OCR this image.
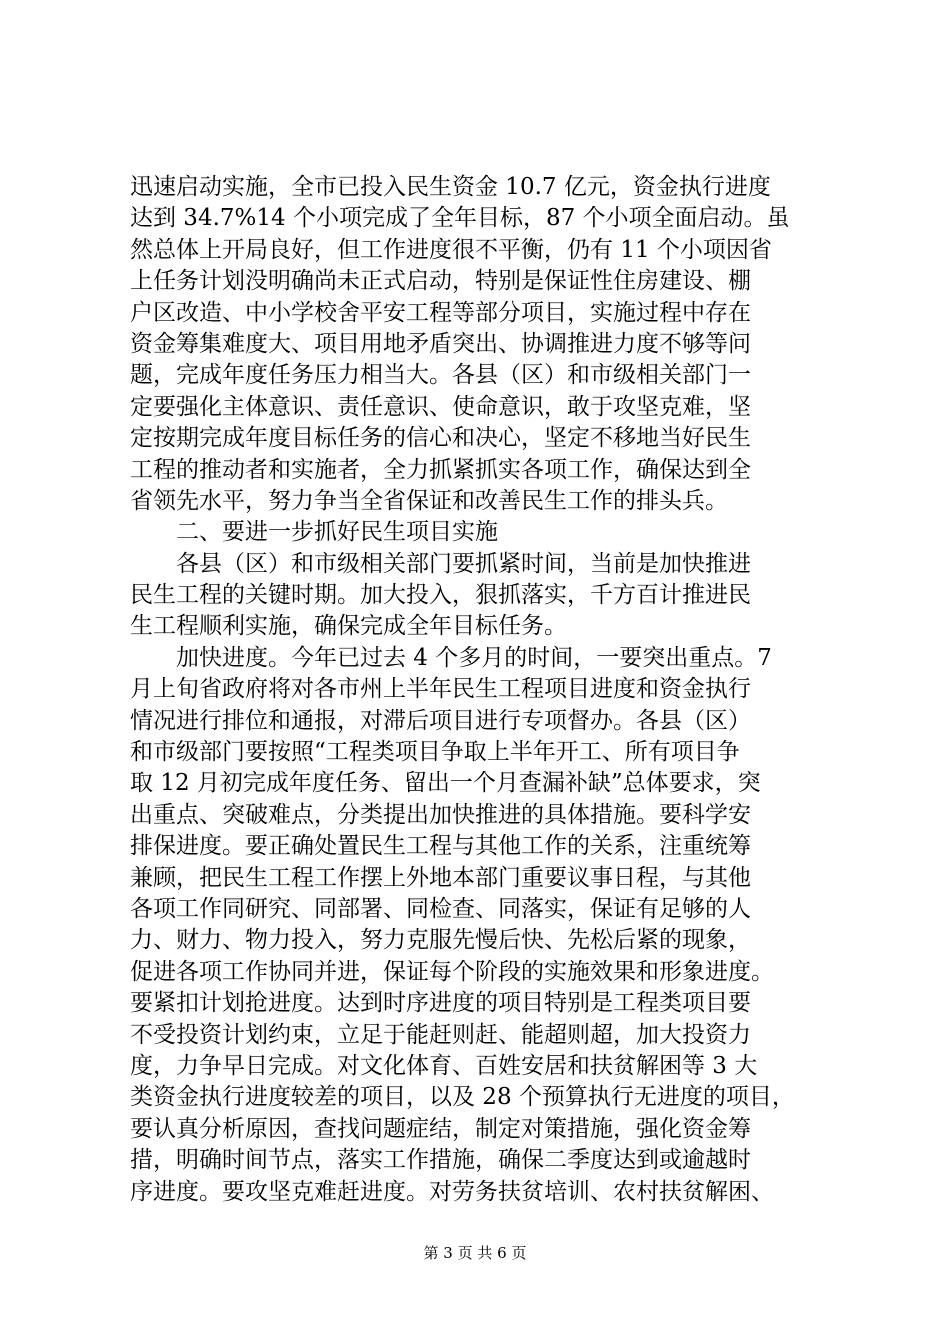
迅速启动实施，全市已投入民生资金 10.7 亿元，资金执行进度
达到 34.7%14 个小项完成了全年目标，87 个小项全面启动。虽
然总体上开局良好，但工作进度很不平衡，仍有 11 个小项因省
上任务计划没明确尚未正式启动，特别是保证性住房建设、棚
户区改造、中小学校舍平安工程等部分项目，实施过程中存在
资金筹集难度大、项目用地矛盾突出、协调推进力度不够等问
题，完成年度任务压力相当大。各县（区）和市级相关部门一
定要强化主体意识、责任意识、使命意识，敢于攻坚克难，坚
定按期完成年度目标任务的信心和决心，坚定不移地当好民生
工程的推动者和实施者，全力抓紧抓实各项工作，确保达到全
省领先水平，努力争当全省保证和改善民生工作的排头兵。
　　二、要进一步抓好民生项目实施
　　各县（区）和市级相关部门要抓紧时间，当前是加快推进
民生工程的关键时期。加大投入，狠抓落实，千方百计推进民
生工程顺利实施，确保完成全年目标任务。
　　加快进度。今年已过去 4 个多月的时间，一要突出重点。7
月上旬省政府将对各市州上半年民生工程项目进度和资金执行
情况进行排位和通报，对滞后项目进行专项督办。各县（区）
和市级部门要按照“工程类项目争取上半年开工、所有项目争
取 12 月初完成年度任务、留出一个月查漏补缺”总体要求，突
出重点、突破难点，分类提出加快推进的具体措施。要科学安
排保进度。要正确处置民生工程与其他工作的关系，注重统筹
兼顾，把民生工程工作摆上外地本部门重要议事日程，与其他
各项工作同研究、同部署、同检查、同落实，保证有足够的人
力、财力、物力投入，努力克服先慢后快、先松后紧的现象，
促进各项工作协同并进，保证每个阶段的实施效果和形象进度。
要紧扣计划抢进度。达到时序进度的项目特别是工程类项目要
不受投资计划约束，立足于能赶则赶、能超则超，加大投资力
度，力争早日完成。对文化体育、百姓安居和扶贫解困等 3 大
类资金执行进度较差的项目，以及 28 个预算执行无进度的项目，
要认真分析原因，查找问题症结，制定对策措施，强化资金筹
措，明确时间节点，落实工作措施，确保二季度达到或逾越时
序进度。要攻坚克难赶进度。对劳务扶贫培训、农村扶贫解困、
第 3 页 共 6 页
